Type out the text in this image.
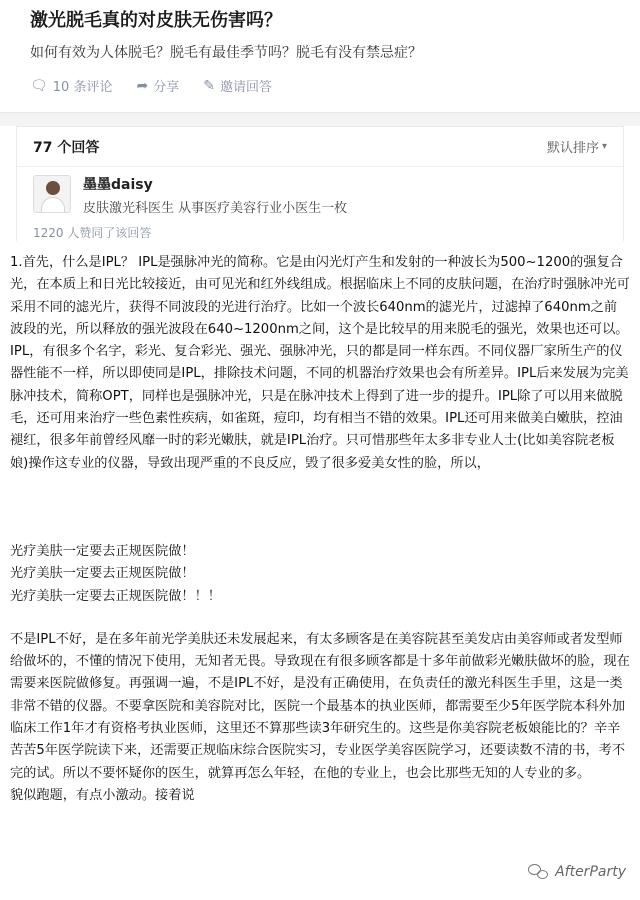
激光脱毛真的对皮肤无伤害吗？
如何有效为人体脱毛？脱毛有最佳季节吗？脱毛有没有禁忌症？
🗨 10 条评论 ➦ 分享 ✎ 邀请回答
77 个回答	默认排序 ▾
墨墨daisy
皮肤激光科医生 从事医疗美容行业小医生一枚
1220 人赞同了该回答

1.首先，什么是IPL？ IPL是强脉冲光的简称。它是由闪光灯产生和发射的一种波长为500~1200的强复合光，在本质上和日光比较接近，由可见光和红外线组成。根据临床上不同的皮肤问题，在治疗时强脉冲光可采用不同的滤光片，获得不同波段的光进行治疗。比如一个波长640nm的滤光片，过滤掉了640nm之前波段的光，所以释放的强光波段在640~1200nm之间，这个是比较早的用来脱毛的强光，效果也还可以。IPL，有很多个名字，彩光、复合彩光、强光、强脉冲光，只的都是同一样东西。不同仪器厂家所生产的仪器性能不一样，所以即使同是IPL，排除技术问题，不同的机器治疗效果也会有所差异。IPL后来发展为完美脉冲技术，简称OPT，同样也是强脉冲光，只是在脉冲技术上得到了进一步的提升。IPL除了可以用来做脱毛，还可用来治疗一些色素性疾病，如雀斑，痘印，均有相当不错的效果。IPL还可用来做美白嫩肤，控油褪红，很多年前曾经风靡一时的彩光嫩肤，就是IPL治疗。只可惜那些年太多非专业人士(比如美容院老板娘)操作这专业的仪器，导致出现严重的不良反应，毁了很多爱美女性的脸，所以，

光疗美肤一定要去正规医院做！

光疗美肤一定要去正规医院做！

光疗美肤一定要去正规医院做！！！

不是IPL不好，是在多年前光学美肤还未发展起来，有太多顾客是在美容院甚至美发店由美容师或者发型师给做坏的，不懂的情况下使用，无知者无畏。导致现在有很多顾客都是十多年前做彩光嫩肤做坏的脸，现在需要来医院做修复。再强调一遍，不是IPL不好，是没有正确使用，在负责任的激光科医生手里，这是一类非常不错的仪器。不要拿医院和美容院对比，医院一个最基本的执业医师，都需要至少5年医学院本科外加临床工作1年才有资格考执业医师，这里还不算那些读3年研究生的。这些是你美容院老板娘能比的？辛辛苦苦5年医学院读下来，还需要正规临床综合医院实习，专业医学美容医院学习，还要读数不清的书，考不完的试。所以不要怀疑你的医生，就算再怎么年轻，在他的专业上，也会比那些无知的人专业的多。

貌似跑题，有点小激动。接着说

AfterParty
